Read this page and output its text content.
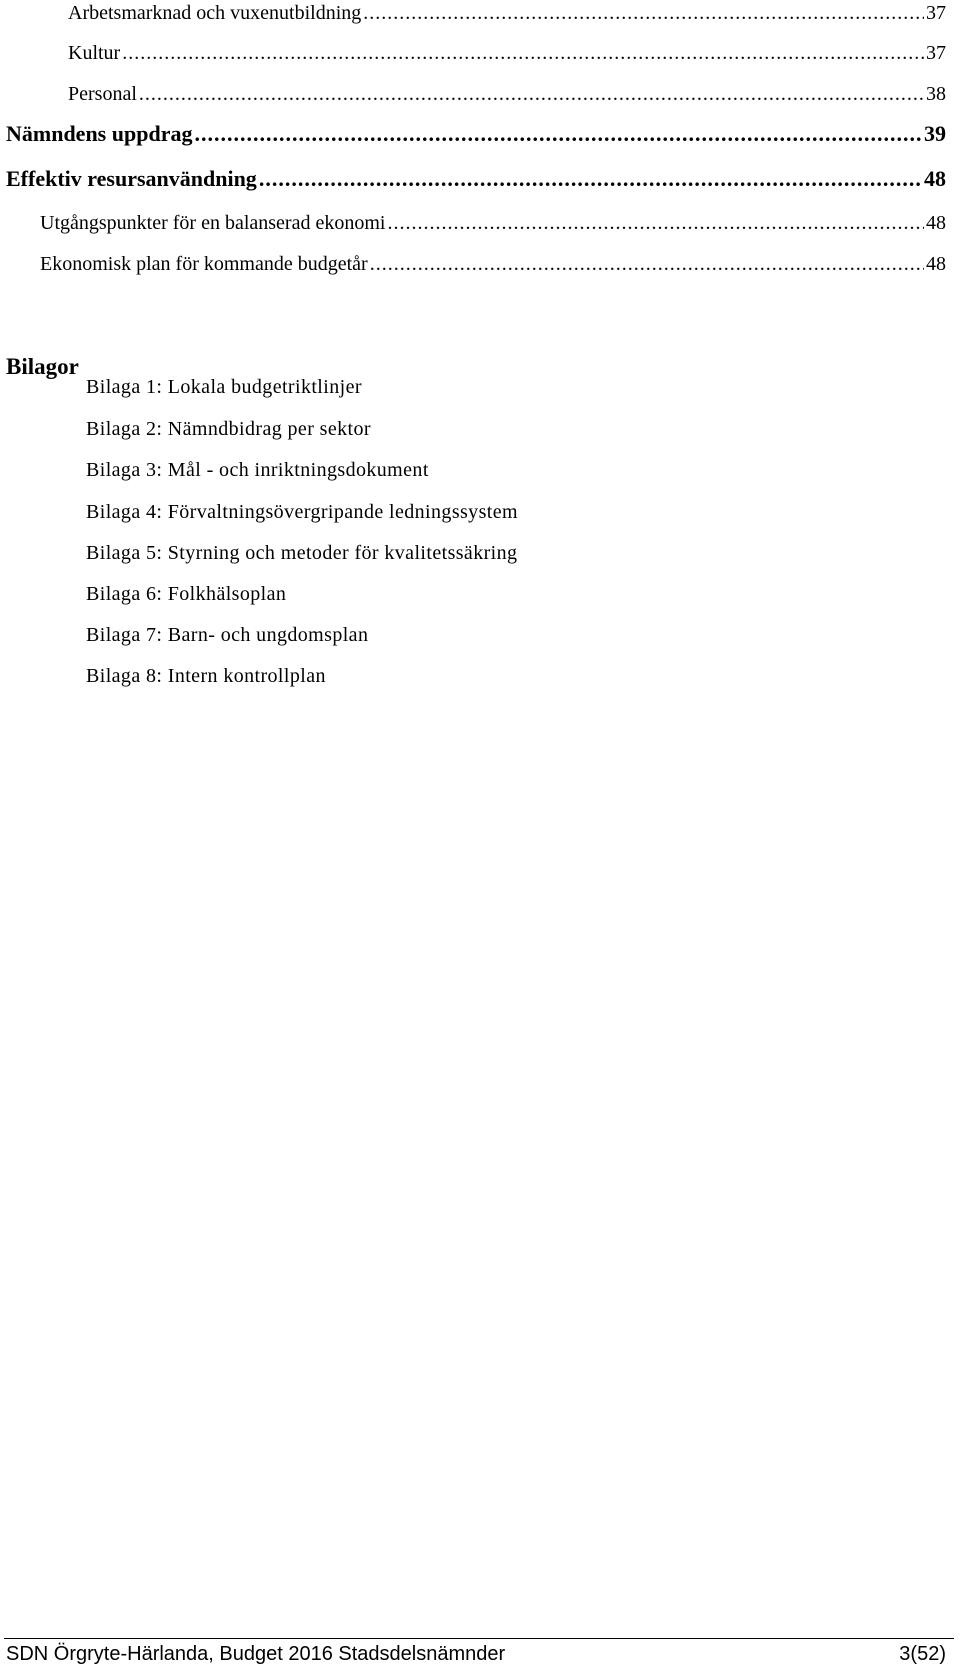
Arbetsmarknad och vuxenutbildning .....	37
Kultur .....	37
Personal .....	38
Nämndens uppdrag .....	39
Effektiv resursanvändning .....	48
Utgångspunkter för en balanserad ekonomi .....	48
Ekonomisk plan för kommande budgetår .....	48
Bilagor
Bilaga 1: Lokala budgetriktlinjer
Bilaga 2: Nämndbidrag per sektor
Bilaga 3: Mål - och inriktningsdokument
Bilaga 4: Förvaltningsövergripande ledningssystem
Bilaga 5: Styrning och metoder för kvalitetssäkring
Bilaga 6: Folkhälsoplan
Bilaga 7: Barn- och ungdomsplan
Bilaga 8: Intern kontrollplan
SDN Örgryte-Härlanda, Budget 2016 Stadsdelsnämnder	3(52)
